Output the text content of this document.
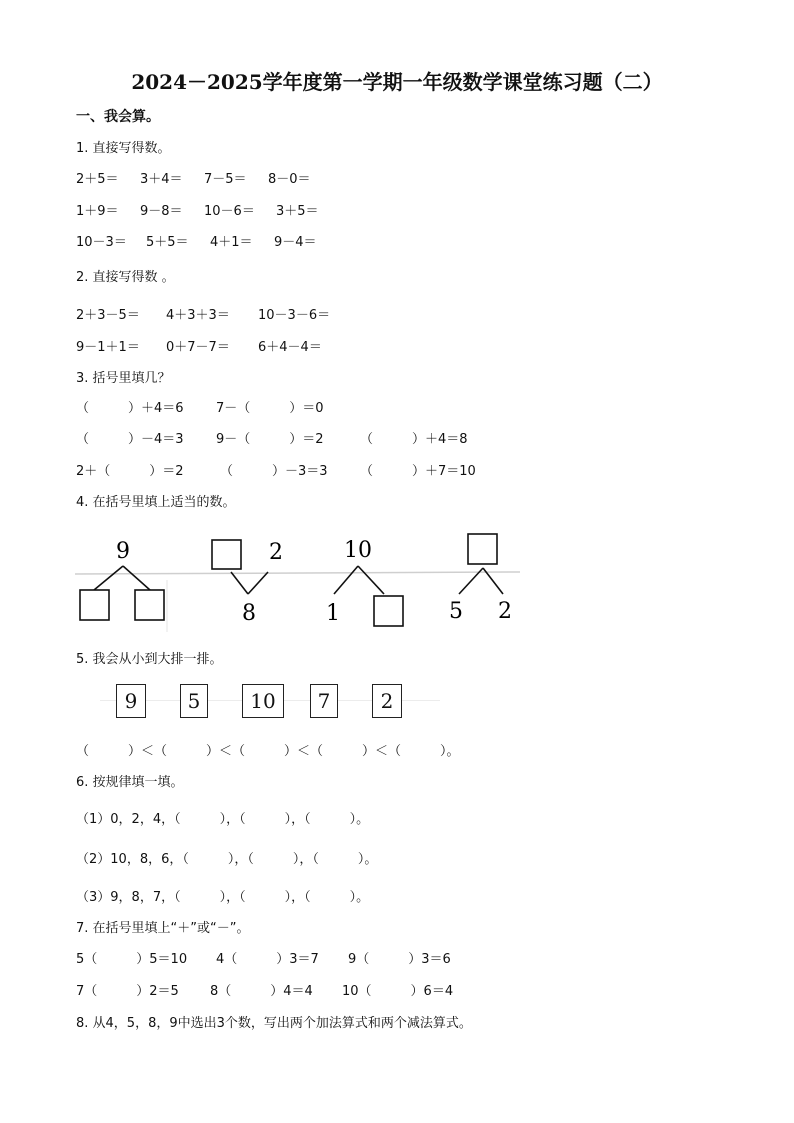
2024－2025学年度第一学期一年级数学课堂练习题（二）
一、我会算。
1. 直接写得数。
2＋5＝ 3＋4＝ 7－5＝ 8－0＝
1＋9＝ 9－8＝ 10－6＝ 3＋5＝
10－3＝ 5＋5＝ 4＋1＝ 9－4＝
2. 直接写得数 。
2＋3－5＝ 4＋3＋3＝ 10－3－6＝
9－1＋1＝ 0＋7－7＝ 6＋4－4＝
3. 括号里填几？
（　　　）＋4＝6 7－（　　　）＝0
（　　　）－4＝3 9－（　　　）＝2	（　　　）＋4＝8
2＋（　　　）＝2	（　　　）－3＝3 （　　　）＋7＝10
4. 在括号里填上适当的数。
9	2
8
10
1	5 2
5. 我会从小到大排一排。
9	5	10	7	2
（　　　）＜（　　　）＜（　　　）＜（　　　）＜（　　　）。
6. 按规律填一填。
（1）0，2，4，（　　　），（　　　），（　　　）。
（2）10，8，6，（　　　），（　　　），（　　　）。
（3）9，8，7，（　　　），（　　　），（　　　）。
7. 在括号里填上“＋”或“－”。
5（　　　）5＝10 4（　　　）3＝7 9（　　　）3＝6
7（　　　）2＝5 8（　　　）4＝4 10（　　　）6＝4
8. 从4，5，8，9中选出3个数，写出两个加法算式和两个减法算式。
